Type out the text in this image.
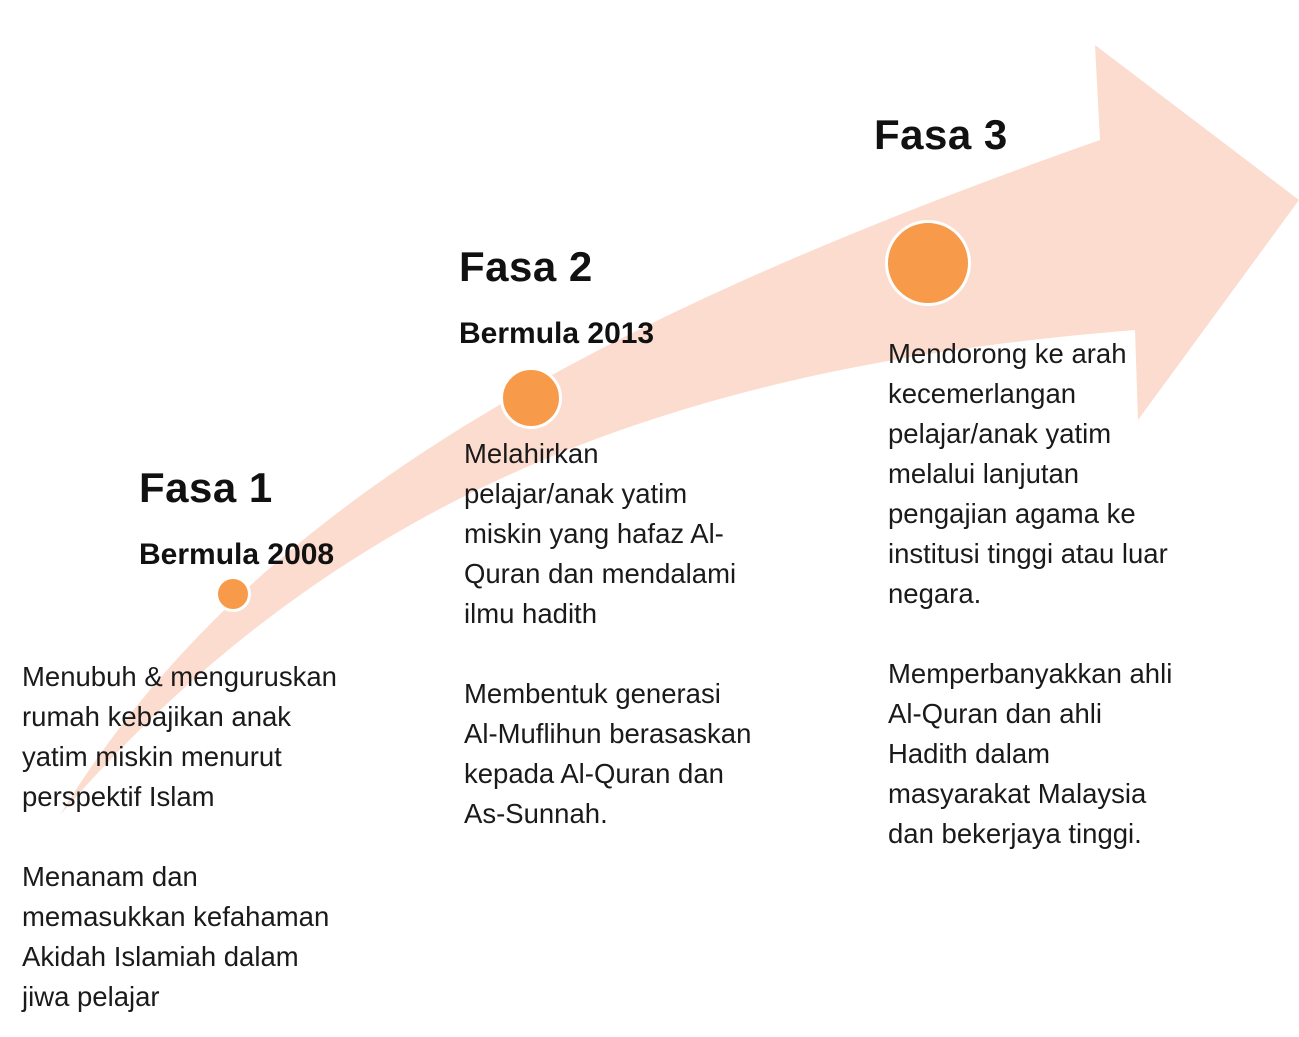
Fasa 1
Bermula 2008

Menubuh & menguruskan
rumah kebajikan anak
yatim miskin menurut
perspektif Islam

Menanam dan
memasukkan kefahaman
Akidah Islamiah dalam
jiwa pelajar

Fasa 2
Bermula 2013

Melahirkan
pelajar/anak yatim
miskin yang hafaz Al-
Quran dan mendalami
ilmu hadith

Membentuk generasi
Al-Muflihun berasaskan
kepada Al-Quran dan
As-Sunnah.

Fasa 3

Mendorong ke arah
kecemerlangan
pelajar/anak yatim
melalui lanjutan
pengajian agama ke
institusi tinggi atau luar
negara.

Memperbanyakkan ahli
Al-Quran dan ahli
Hadith dalam
masyarakat Malaysia
dan bekerjaya tinggi.
